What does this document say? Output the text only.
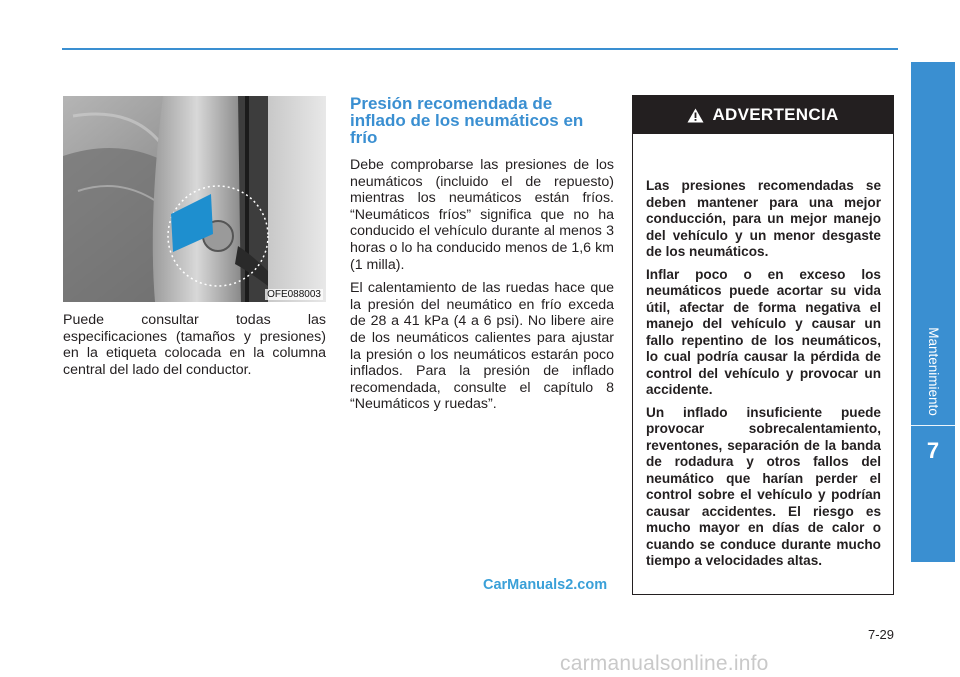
OFE088003

Puede consultar todas las especificaciones (tamaños y presiones) en la etiqueta colocada en la columna central del lado del conductor.

Presión recomendada de inflado de los neumáticos en frío

Debe comprobarse las presiones de los neumáticos (incluido el de repuesto) mientras los neumáticos están fríos. “Neumáticos fríos” significa que no ha conducido el vehículo durante al menos 3 horas o lo ha conducido menos de 1,6 km (1 milla).

El calentamiento de las ruedas hace que la presión del neumático en frío exceda de 28 a 41 kPa (4 a 6 psi). No libere aire de los neumáticos calientes para ajustar la presión o los neumáticos estarán poco inflados. Para la presión de inflado recomendada, consulte el capítulo 8 “Neumáticos y ruedas”.

ADVERTENCIA

Las presiones recomendadas se deben mantener para una mejor conducción, para un mejor manejo del vehículo y un menor desgaste de los neumáticos.

Inflar poco o en exceso los neumáticos puede acortar su vida útil, afectar de forma negativa el manejo del vehículo y causar un fallo repentino de los neumáticos, lo cual podría causar la pérdida de control del vehículo y provocar un accidente.

Un inflado insuficiente puede provocar sobrecalentamiento, reventones, separación de la banda de rodadura y otros fallos del neumático que harían perder el control sobre el vehículo y podrían causar accidentes. El riesgo es mucho mayor en días de calor o cuando se conduce durante mucho tiempo a velocidades altas.

Mantenimiento
7
7-29
CarManuals2.com
carmanualsonline.info
